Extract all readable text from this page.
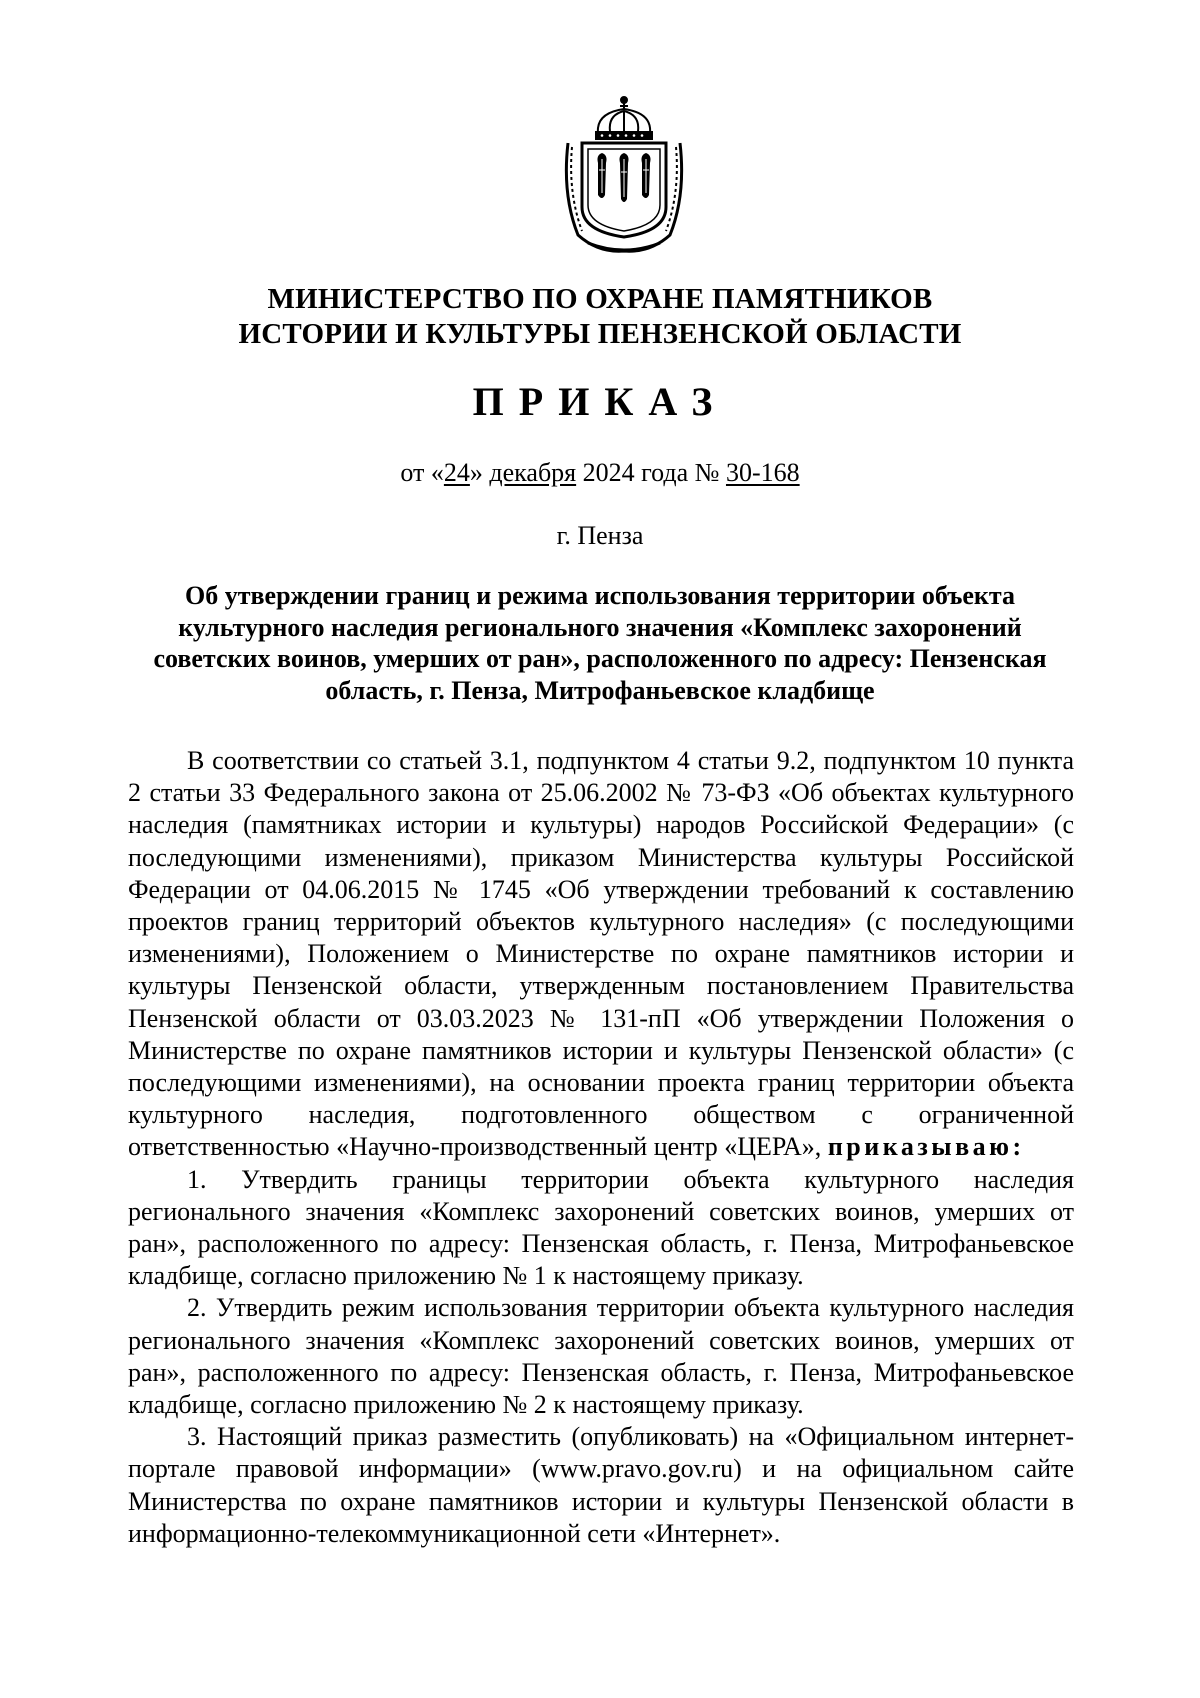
МИНИСТЕРСТВО ПО ОХРАНЕ ПАМЯТНИКОВ
ИСТОРИИ И КУЛЬТУРЫ ПЕНЗЕНСКОЙ ОБЛАСТИ
ПРИКАЗ
от «24» декабря 2024 года № 30-168
г. Пенза
Об утверждении границ и режима использования территории объекта культурного наследия регионального значения «Комплекс захоронений советских воинов, умерших от ран», расположенного по адресу: Пензенская область, г. Пенза, Митрофаньевское кладбище

В соответствии со статьей 3.1, подпунктом 4 статьи 9.2, подпунктом 10 пункта 2 статьи 33 Федерального закона от 25.06.2002 № 73-ФЗ «Об объектах культурного наследия (памятниках истории и культуры) народов Российской Федерации» (с последующими изменениями), приказом Министерства культуры Российской Федерации от 04.06.2015 № 1745 «Об утверждении требований к составлению проектов границ территорий объектов культурного наследия» (с последующими изменениями), Положением о Министерстве по охране памятников истории и культуры Пензенской области, утвержденным постановлением Правительства Пензенской области от 03.03.2023 № 131-пП «Об утверждении Положения о Министерстве по охране памятников истории и культуры Пензенской области» (с последующими изменениями), на основании проекта границ территории объекта культурного наследия, подготовленного обществом с ограниченной ответственностью «Научно-производственный центр «ЦЕРА», приказываю:

1. Утвердить границы территории объекта культурного наследия регионального значения «Комплекс захоронений советских воинов, умерших от ран», расположенного по адресу: Пензенская область, г. Пенза, Митрофаньевское кладбище, согласно приложению № 1 к настоящему приказу.

2. Утвердить режим использования территории объекта культурного наследия регионального значения «Комплекс захоронений советских воинов, умерших от ран», расположенного по адресу: Пензенская область, г. Пенза, Митрофаньевское кладбище, согласно приложению № 2 к настоящему приказу.

3. Настоящий приказ разместить (опубликовать) на «Официальном интернет-портале правовой информации» (www.pravo.gov.ru) и на официальном сайте Министерства по охране памятников истории и культуры Пензенской области в информационно-телекоммуникационной сети «Интернет».
